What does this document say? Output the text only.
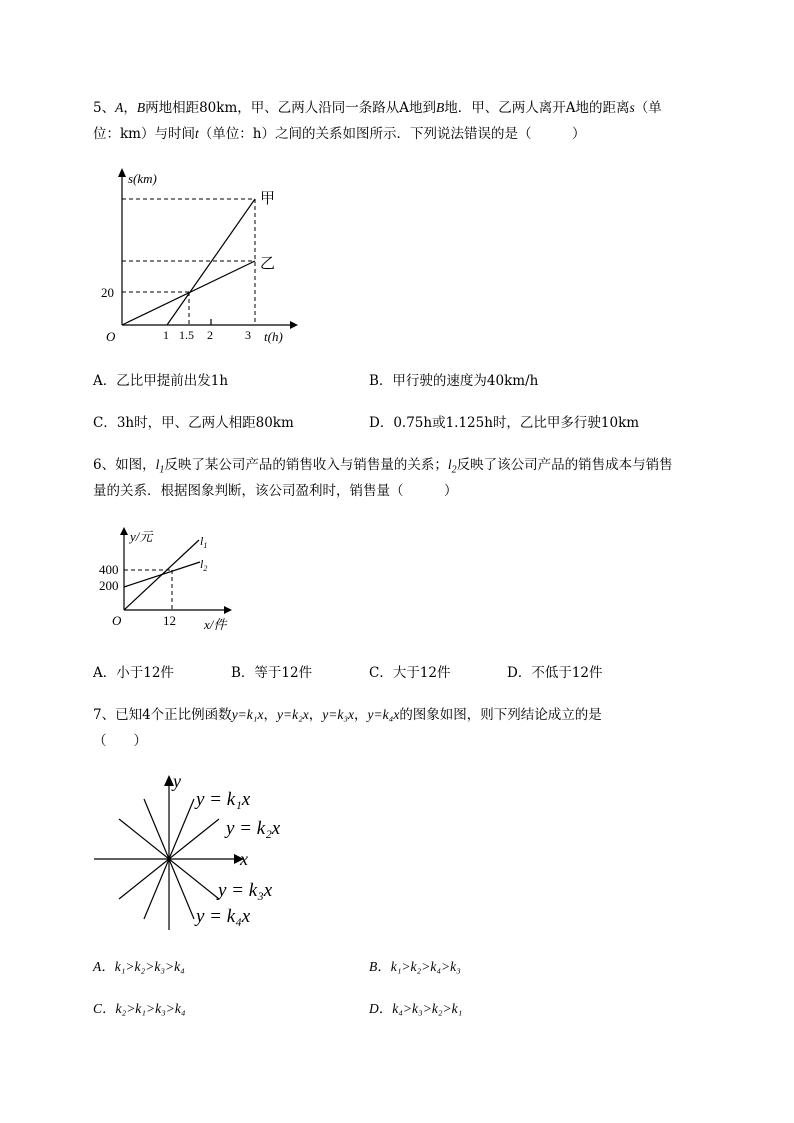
5、A，B两地相距80km，甲、乙两人沿同一条路从A地到B地．甲、乙两人离开A地的距离s（单
位：km）与时间t（单位：h）之间的关系如图所示．下列说法错误的是（　　　）
s(km)
t(h)
O
20
1 1.5 2	3
甲
乙
A．乙比甲提前出发1h	B．甲行驶的速度为40km/h
C．3h时，甲、乙两人相距80km	D．0.75h或1.125h时，乙比甲多行驶10km
6、如图，$l_1$反映了某公司产品的销售收入与销售量的关系；$l_2$反映了该公司产品的销售成本与销售
量的关系．根据图象判断，该公司盈利时，销售量（　　　）
y/元
x/件
O
400
200
12
$l_1$
$l_2$
A．小于12件	B．等于12件	C．大于12件	D．不低于12件
7、已知4个正比例函数y=k₁x，y=k₂x，y=k₃x，y=k₄x的图象如图，则下列结论成立的是
（　　）
y
x
y = k₁x
y = k₂x
y = k₃x
y = k₄x
A．k₁>k₂>k₃>k₄	B．k₁>k₂>k₄>k₃
C．k₂>k₁>k₃>k₄	D．k₄>k₃>k₂>k₁
